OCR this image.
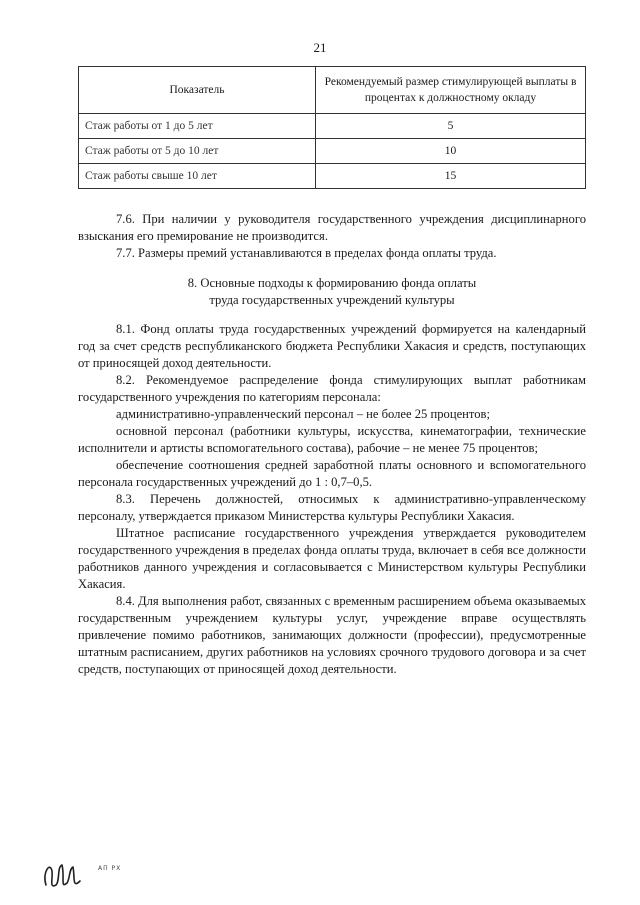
21
Показатель	Рекомендуемый размер стимулирующей выплаты в процентах к должностному окладу
Стаж работы от 1 до 5 лет	5
Стаж работы от 5 до 10 лет	10
Стаж работы свыше 10 лет	15

7.6. При наличии у руководителя государственного учреждения дисциплинарного взыскания его премирование не производится.

7.7. Размеры премий устанавливаются в пределах фонда оплаты труда.

8. Основные подходы к формированию фонда оплаты
труда государственных учреждений культуры

8.1. Фонд оплаты труда государственных учреждений формируется на календарный год за счет средств республиканского бюджета Республики Хакасия и средств, поступающих от приносящей доход деятельности.

8.2. Рекомендуемое распределение фонда стимулирующих выплат работникам государственного учреждения по категориям персонала:

административно-управленческий персонал – не более 25 процентов;

основной персонал (работники культуры, искусства, кинематографии, технические исполнители и артисты вспомогательного состава), рабочие – не менее 75 процентов;

обеспечение соотношения средней заработной платы основного и вспомогательного персонала государственных учреждений до 1 : 0,7–0,5.

8.3. Перечень должностей, относимых к административно-управленческому персоналу, утверждается приказом Министерства культуры Республики Хакасия.

Штатное расписание государственного учреждения утверждается руководителем государственного учреждения в пределах фонда оплаты труда, включает в себя все должности работников данного учреждения и согласовывается с Министерством культуры Республики Хакасия.

8.4. Для выполнения работ, связанных с временным расширением объема оказываемых государственным учреждением культуры услуг, учреждение вправе осуществлять привлечение помимо работников, занимающих должности (профессии), предусмотренные штатным расписанием, других работников на условиях срочного трудового договора и за счет средств, поступающих от приносящей доход деятельности.

АП РХ
